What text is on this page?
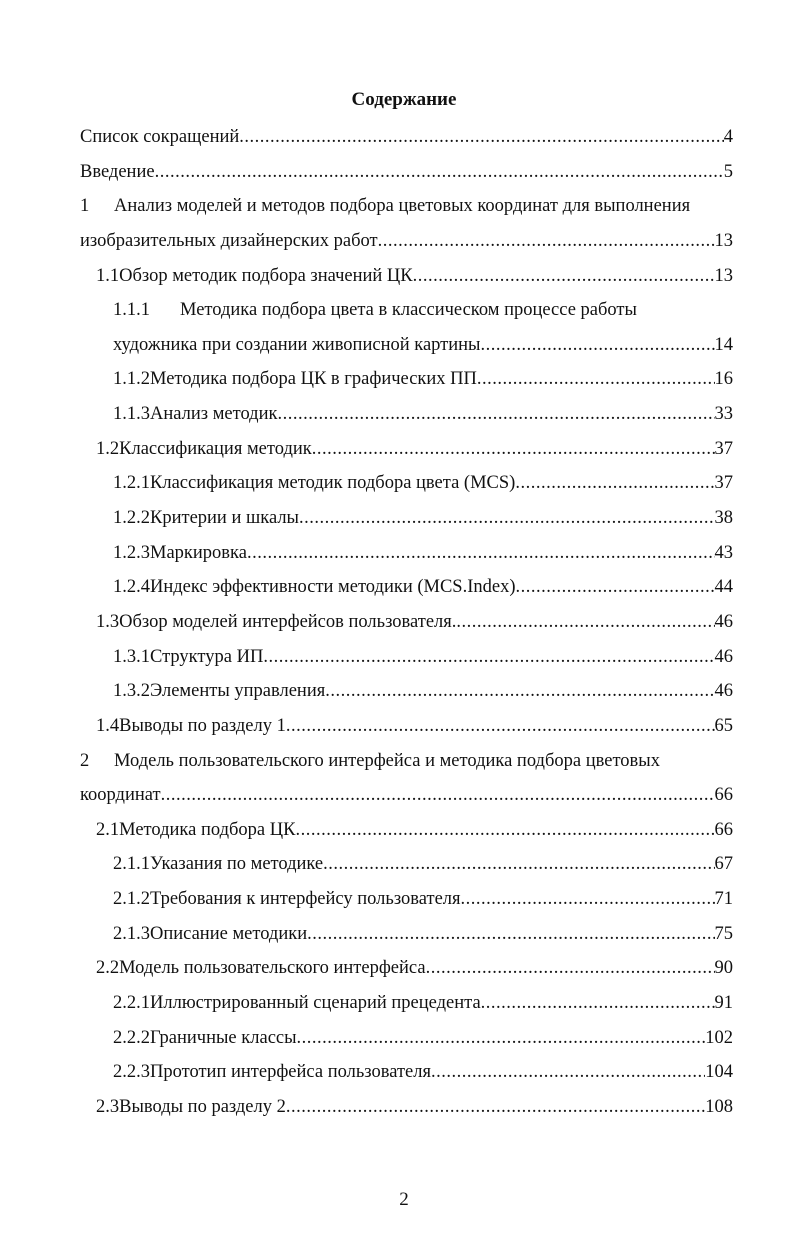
Содержание
Список сокращений .....	4
Введение .....	5
1	Анализ моделей и методов подбора цветовых координат для выполнения
изобразительных дизайнерских работ .....	13
1.1 Обзор методик подбора значений ЦК .....	13
1.1.1	Методика подбора цвета в классическом процессе работы
художника при создании живописной картины .....	14
1.1.2 Методика подбора ЦК в графических ПП .....	16
1.1.3 Анализ методик .....	33
1.2 Классификация методик .....	37
1.2.1 Классификация методик подбора цвета (MCS) .....	37
1.2.2 Критерии и шкалы .....	38
1.2.3 Маркировка .....	43
1.2.4 Индекс эффективности методики (MCS.Index) .....	44
1.3 Обзор моделей интерфейсов пользователя. .....	46
1.3.1 Структура ИП .....	46
1.3.2 Элементы управления .....	46
1.4 Выводы по разделу 1 .....	65
2	Модель пользовательского интерфейса и методика подбора цветовых
координат .....	66
2.1 Методика подбора ЦК .....	66
2.1.1 Указания по методике .....	67
2.1.2 Требования к интерфейсу пользователя .....	71
2.1.3 Описание методики .....	75
2.2 Модель пользовательского интерфейса .....	90
2.2.1 Иллюстрированный сценарий прецедента .....	91
2.2.2 Граничные классы .....	102
2.2.3 Прототип интерфейса пользователя .....	104
2.3 Выводы по разделу 2 .....	108
2
